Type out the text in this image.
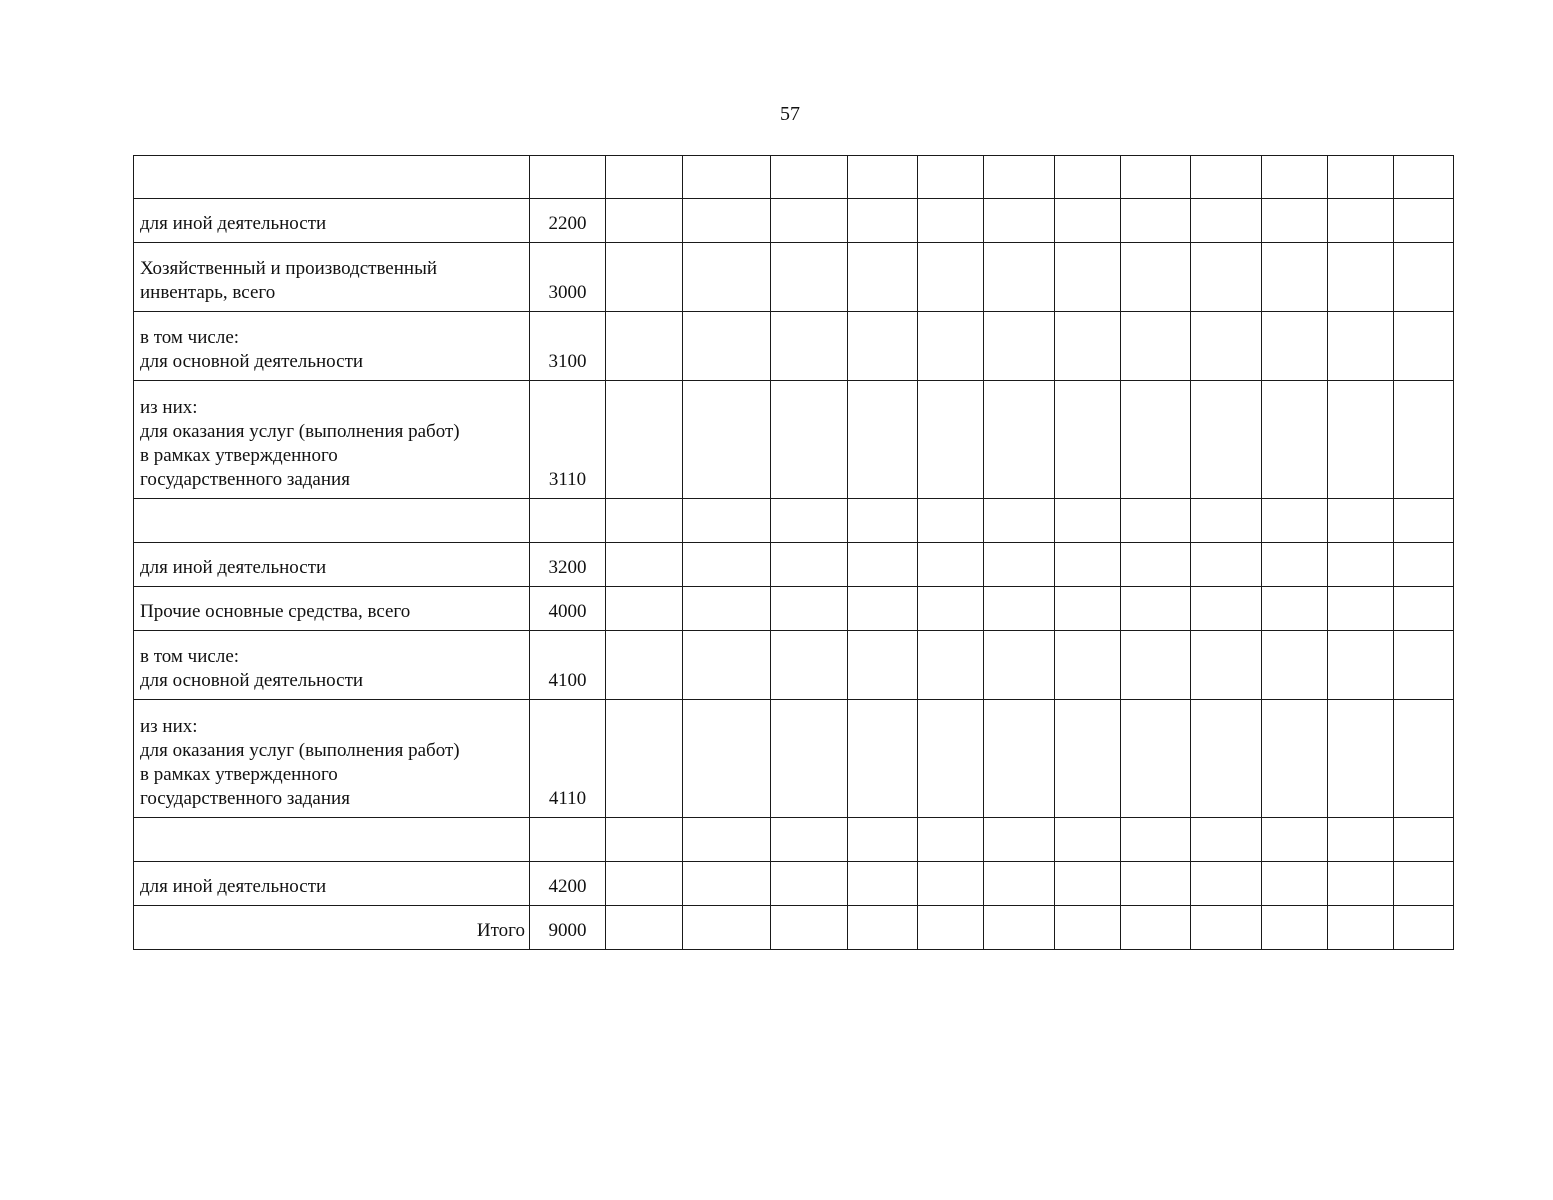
57

для иной деятельности	2200												

Хозяйственный и производственный
инвентарь, всего	3000												

в том числе:
для основной деятельности	3100												

из них:
для оказания услуг (выполнения работ)
в рамках утвержденного
государственного задания	3110												

для иной деятельности	3200												

Прочие основные средства, всего	4000												

в том числе:
для основной деятельности	4100												

из них:
для оказания услуг (выполнения работ)
в рамках утвержденного
государственного задания	4110												

для иной деятельности	4200												

Итого	9000												
